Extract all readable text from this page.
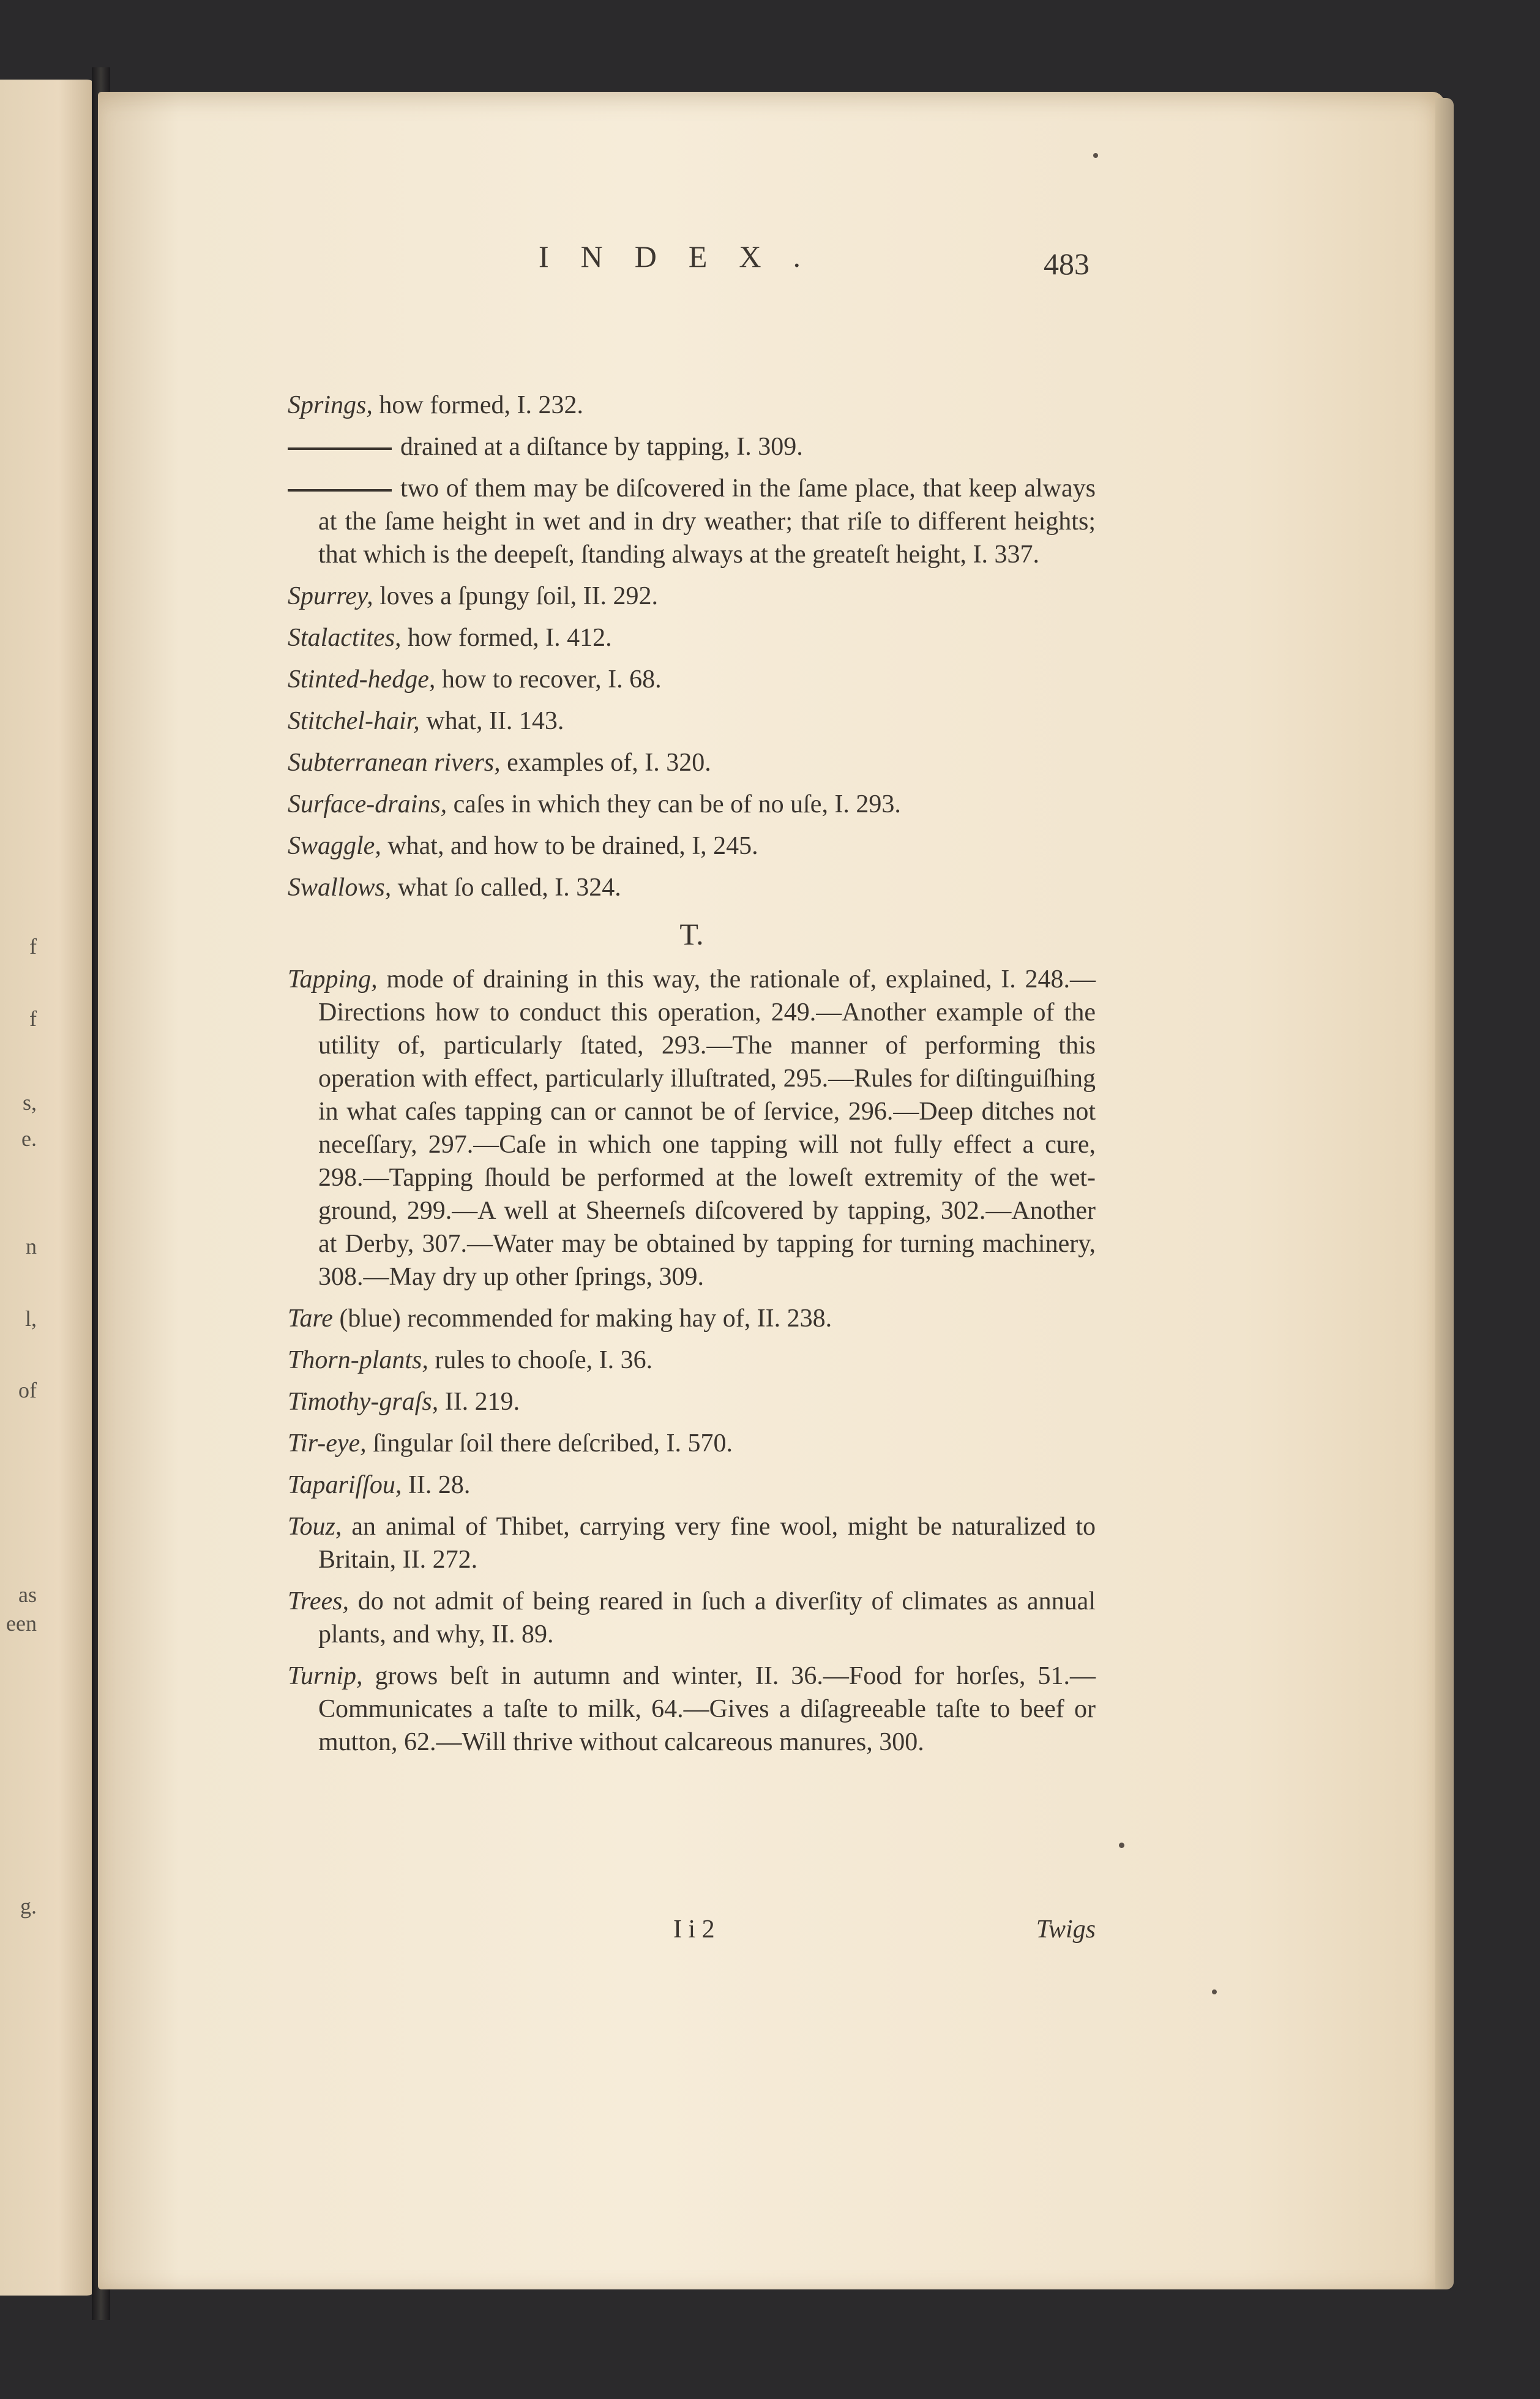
f
f
s,
e.
n
l,
of
as
een
g.
INDEX.	483
Springs, how formed, I. 232.
drained at a diſtance by tapping, I. 309.
two of them may be diſcovered in the ſame place, that keep always at the ſame height in wet and in dry weather; that riſe to different heights; that which is the deepeſt, ſtanding always at the greateſt height, I. 337.
Spurrey, loves a ſpungy ſoil, II. 292.
Stalactites, how formed, I. 412.
Stinted-hedge, how to recover, I. 68.
Stitchel-hair, what, II. 143.
Subterranean rivers, examples of, I. 320.
Surface-drains, caſes in which they can be of no uſe, I. 293.
Swaggle, what, and how to be drained, I, 245.
Swallows, what ſo called, I. 324.
T.
Tapping, mode of draining in this way, the rationale of, explained, I. 248.—Directions how to conduct this operation, 249.—Another example of the utility of, particularly ſtated, 293.—The manner of performing this operation with effect, particularly illuſtrated, 295.—Rules for diſtinguiſhing in what caſes tapping can or cannot be of ſervice, 296.—Deep ditches not neceſſary, 297.—Caſe in which one tapping will not fully effect a cure, 298.—Tapping ſhould be performed at the loweſt extremity of the wet-ground, 299.—A well at Sheerneſs diſcovered by tapping, 302.—Another at Derby, 307.—Water may be obtained by tapping for turning machinery, 308.—May dry up other ſprings, 309.
Tare (blue) recommended for making hay of, II. 238.
Thorn-plants, rules to chooſe, I. 36.
Timothy-graſs, II. 219.
Tir-eye, ſingular ſoil there deſcribed, I. 570.
Tapariſſou, II. 28.
Touz, an animal of Thibet, carrying very fine wool, might be naturalized to Britain, II. 272.
Trees, do not admit of being reared in ſuch a diverſity of climates as annual plants, and why, II. 89.
Turnip, grows beſt in autumn and winter, II. 36.—Food for horſes, 51.—Communicates a taſte to milk, 64.—Gives a diſagreeable taſte to beef or mutton, 62.—Will thrive without calcareous manures, 300.
I i 2	Twigs
